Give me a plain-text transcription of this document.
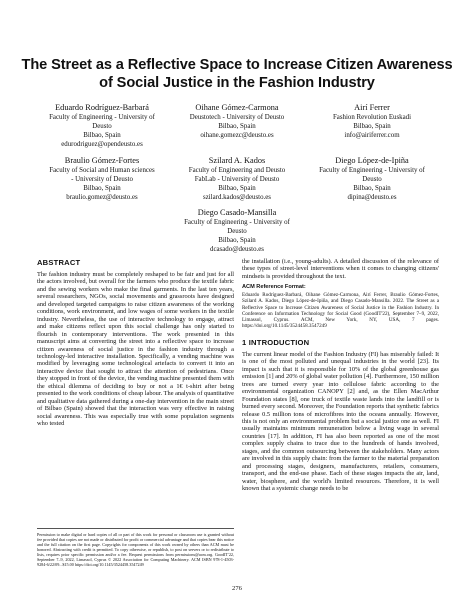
The Street as a Reflective Space to Increase Citizen Awareness of Social Justice in the Fashion Industry
Eduardo Rodríguez-Barbará
Faculty of Engineering - University of
Deusto
Bilbao, Spain
edurodriguez@opendeusto.es
Oihane Gómez-Carmona
Deustotech - University of Deusto
Bilbao, Spain
oihane.gomezc@deusto.es
Airí Ferrer
Fashion Revolution Euskadi
Bilbao, Spain
info@airiferrer.com
Braulio Gómez-Fortes
Faculty of Social and Human sciences
- University of Deusto
Bilbao, Spain
braulio.gomez@deusto.es
Szilard A. Kados
Faculty of Engineering and Deusto
FabLab - University of Deusto
Bilbao, Spain
szilard.kados@deusto.es
Diego López-de-Ipiña
Faculty of Engineering - University of
Deusto
Bilbao, Spain
dipina@deusto.es
Diego Casado-Mansilla
Faculty of Engineering - University of
Deusto
Bilbao, Spain
dcasado@deusto.es
ABSTRACT

The fashion industry must be completely reshaped to be fair and just for all the actors involved, but overall for the farmers who produce the textile fabric and the sewing workers who make the final garments. In the last ten years, several researchers, NGOs, social movements and grassroots have designed and developed targeted campaigns to raise citizen awareness of the working conditions, work environment, and low wages of some workers in the textile industry. Nevertheless, the use of interactive technology to engage, attract and make citizens reflect upon this social challenge has only started to flourish in contemporary interventions. The work presented in this manuscript aims at converting the street into a reflective space to increase citizen awareness of social justice in the fashion industry through a technology-led interactive installation. Specifically, a vending machine was modified by leveraging some technological artefacts to convert it into an interactive device that sought to attract the attention of pedestrians. Once they stopped in front of the device, the vending machine presented them with the ethical dilemma of deciding to buy or not a 1€ t-shirt after being presented to the work conditions of cheap labour. The analysis of quantitative and qualitative data gathered during a one-day intervention in the main street of Bilbao (Spain) showed that the interaction was very effective in raising social awareness. This was especially true with some population segments who tested

Permission to make digital or hard copies of all or part of this work for personal or classroom use is granted without fee provided that copies are not made or distributed for profit or commercial advantage and that copies bear this notice and the full citation on the first page. Copyrights for components of this work owned by others than ACM must be honored. Abstracting with credit is permitted. To copy otherwise, or republish, to post on servers or to redistribute to lists, requires prior specific permission and/or a fee. Request permissions from permissions@acm.org. GoodIT'22, September 7–9, 2022, Limassol, Cyprus © 2022 Association for Computing Machinery. ACM ISBN 978-1-4503-9284-6/22/09...$15.00 https://doi.org/10.1145/3524458.3547249

the installation (i.e., young-adults). A detailed discussion of the relevance of these types of street-level interventions when it comes to changing citizens' mindsets is provided throughout the text.

ACM Reference Format:

Eduardo Rodríguez-Barbará, Oihane Gómez-Carmona, Airí Ferrer, Braulio Gómez-Fortes, Szilard A. Kados, Diego López-de-Ipiña, and Diego Casado-Mansilla. 2022. The Street as a Reflective Space to Increase Citizen Awareness of Social Justice in the Fashion Industry. In Conference on Information Technology for Social Good (GoodIT'22), September 7–9, 2022, Limassol, Cyprus. ACM, New York, NY, USA, 7 pages. https://doi.org/10.1145/3524458.3547249

1 INTRODUCTION

The current linear model of the Fashion Industry (FI) has miserably failed: It is one of the most polluted and unequal industries in the world [23]. Its impact is such that it is responsible for 10% of the global greenhouse gas emission [1] and 20% of global water pollution [4]. Furthermore, 150 million trees are turned every year into cellulose fabric according to the environmental organization CANOPY [2] and, as the Ellen MacArthur Foundation states [8], one truck of textile waste lands into the landfill or is burned every second. Moreover, the Foundation reports that synthetic fabrics release 0.5 million tons of microfibres into the oceans annually. However, this is not only an environmental problem but a social justice one as well. FI usually maintains minimum remuneration below a living wage in several countries [17]. In addition, FI has also been reported as one of the most complex supply chains to trace due to the hundreds of hands involved, stages, and the common outsourcing between the stakeholders. Many actors are involved in this supply chain: from the farmer to the material preparation and processing stages, designers, manufacturers, retailers, consumers, transport, and the end-use phase. Each of these stages impacts the air, land, water, biosphere, and the world's limited resources. Therefore, it is well known that a systemic change needs to be

276
